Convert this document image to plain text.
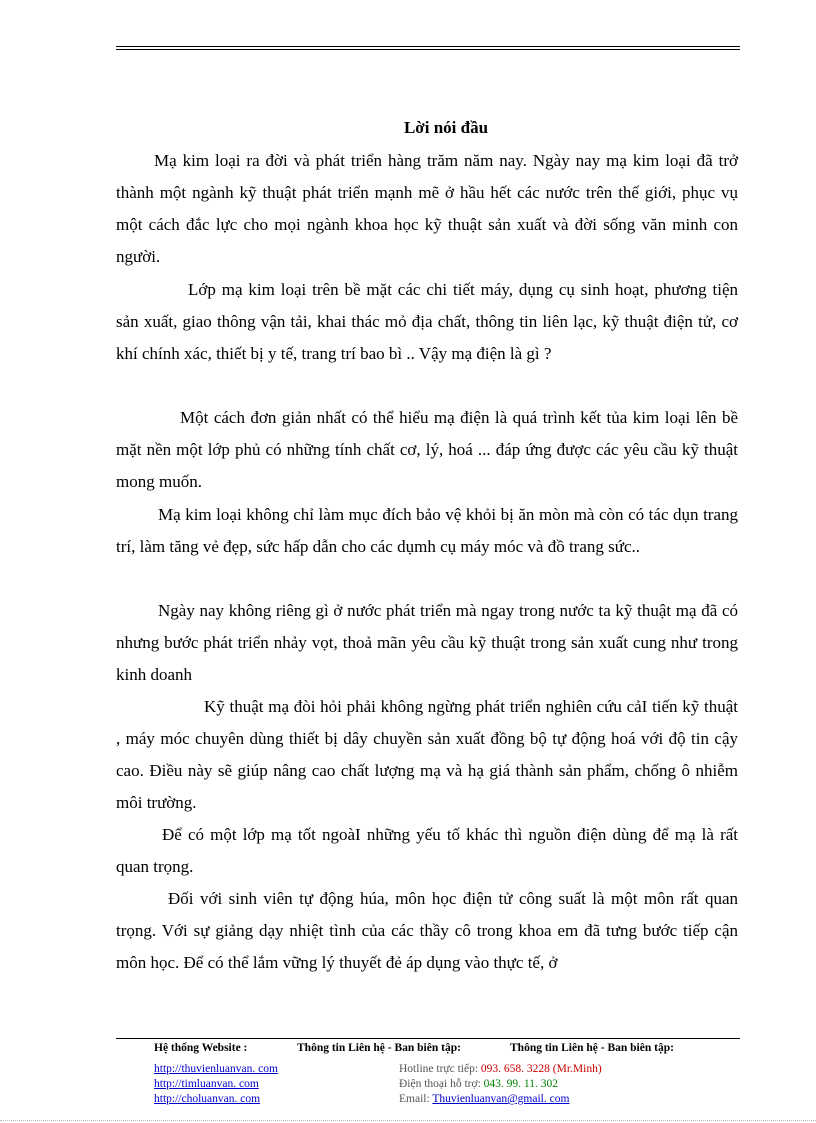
Lời nói đầu

Mạ kim loại ra đời và phát triển hàng trăm năm nay. Ngày nay mạ kim loại đã trở thành một ngành kỹ thuật phát triển mạnh mẽ ở hầu hết các nước trên thế giới, phục vụ một cách đắc lực cho mọi ngành khoa học kỹ thuật sản xuất và đời sống văn minh con người.

Lớp mạ kim loại trên bề mặt các chi tiết máy, dụng cụ sinh hoạt, phương tiện sản xuất, giao thông vận tải, khai thác mỏ địa chất, thông tin liên lạc, kỹ thuật điện tử, cơ khí chính xác, thiết bị y tế, trang trí bao bì .. Vậy mạ điện là gì ?

Một cách đơn giản nhất có thể hiểu mạ điện là quá trình kết tủa kim loại lên bề mặt nền một lớp phủ có những tính chất cơ, lý, hoá ... đáp ứng được các yêu cầu kỹ thuật mong muốn.

Mạ kim loại không chỉ làm mục đích bảo vệ khỏi bị ăn mòn mà còn có tác dụn trang trí, làm tăng vẻ đẹp, sức hấp dẫn cho các dụmh cụ máy móc và đồ trang sức..

Ngày nay không riêng gì ở nước phát triển mà ngay trong nước ta kỹ thuật mạ đã có nhưng bước phát triển nhảy vọt, thoả mãn yêu cầu kỹ thuật trong sản xuất cung như trong kinh doanh

Kỹ thuật mạ đòi hỏi phải không ngừng phát triển nghiên cứu cảI tiến kỹ thuật , máy móc chuyên dùng thiết bị dây chuyền sản xuất đồng bộ tự động hoá với độ tin cậy cao. Điều này sẽ giúp nâng cao chất lượng mạ và hạ giá thành sản phẩm, chống ô nhiễm môi trường.

Để có một lớp mạ tốt ngoàI những yếu tố khác thì nguồn điện dùng để mạ là rất quan trọng.

Đối với sinh viên tự động húa, môn học điện tử công suất là một môn rất quan trọng. Với sự giảng dạy nhiệt tình của các thầy cô trong khoa em đã tưng bước tiếp cận môn học. Để có thể lắm vững lý thuyết đẻ áp dụng vào thực tế, ở

Hệ thống Website :
http://thuvienluanvan. com
http://timluanvan. com
http://choluanvan. com
Thông tin Liên hệ - Ban biên tập:
Hotline trực tiếp: 093. 658. 3228 (Mr.Minh)
Điện thoại hỗ trợ: 043. 99. 11. 302
Email: Thuvienluanvan@gmail. com
Thông tin Liên hệ - Ban biên tập:
